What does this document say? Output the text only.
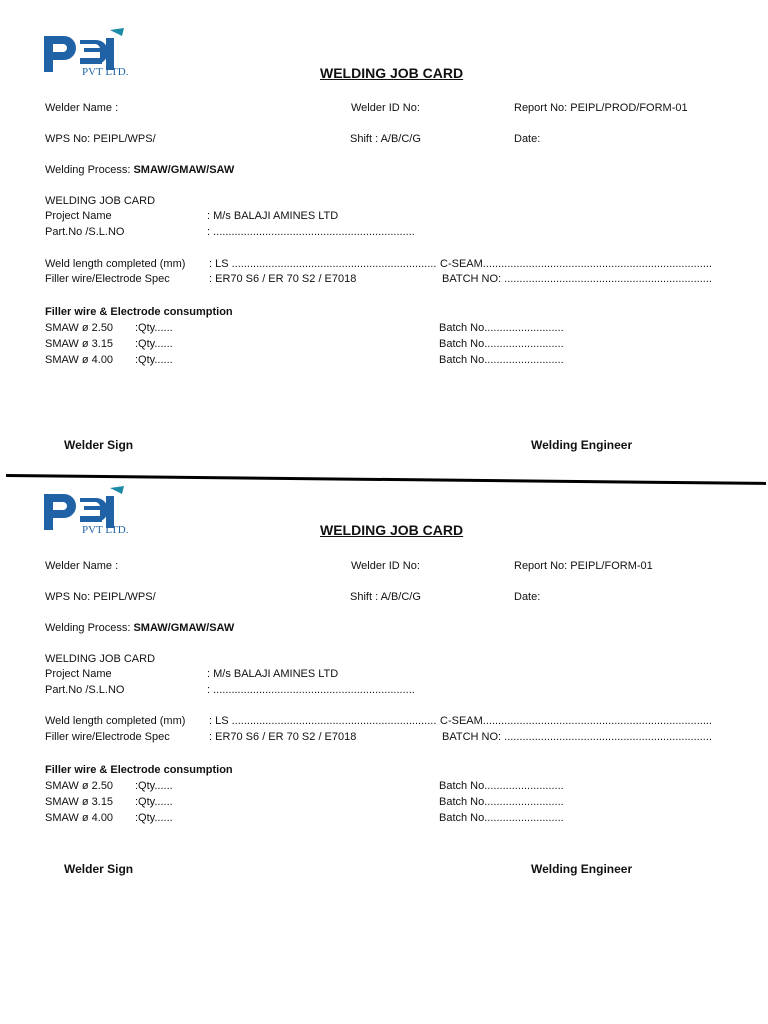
PVT LTD.	WELDING JOB CARD
Welder Name :	Welder ID No:	Report No: PEIPL/PROD/FORM-01
WPS No: PEIPL/WPS/	Shift : A/B/C/G	Date:
Welding Process: SMAW/GMAW/SAW
WELDING JOB CARD
Project Name	: M/s BALAJI AMINES LTD
Part.No /S.L.NO	: ..................................................................
Weld length completed (mm) : LS ................................................................... C-SEAM...........................................................................
Filler wire/Electrode Spec	: ER70 S6 / ER 70 S2 / E7018	BATCH NO: ....................................................................
Filler wire & Electrode consumption
SMAW ø 2.50 :Qty......	Batch No..........................
SMAW ø 3.15 :Qty......	Batch No..........................
SMAW ø 4.00 :Qty......	Batch No..........................
Welder Sign	Welding Engineer
PVT LTD.	WELDING JOB CARD
Welder Name :	Welder ID No:	Report No: PEIPL/FORM-01
WPS No: PEIPL/WPS/	Shift : A/B/C/G	Date:
Welding Process: SMAW/GMAW/SAW
WELDING JOB CARD
Project Name	: M/s BALAJI AMINES LTD
Part.No /S.L.NO	: ..................................................................
Weld length completed (mm) : LS ................................................................... C-SEAM...........................................................................
Filler wire/Electrode Spec	: ER70 S6 / ER 70 S2 / E7018	BATCH NO: ....................................................................
Filler wire & Electrode consumption
SMAW ø 2.50 :Qty......	Batch No..........................
SMAW ø 3.15 :Qty......	Batch No..........................
SMAW ø 4.00 :Qty......	Batch No..........................
Welder Sign	Welding Engineer
